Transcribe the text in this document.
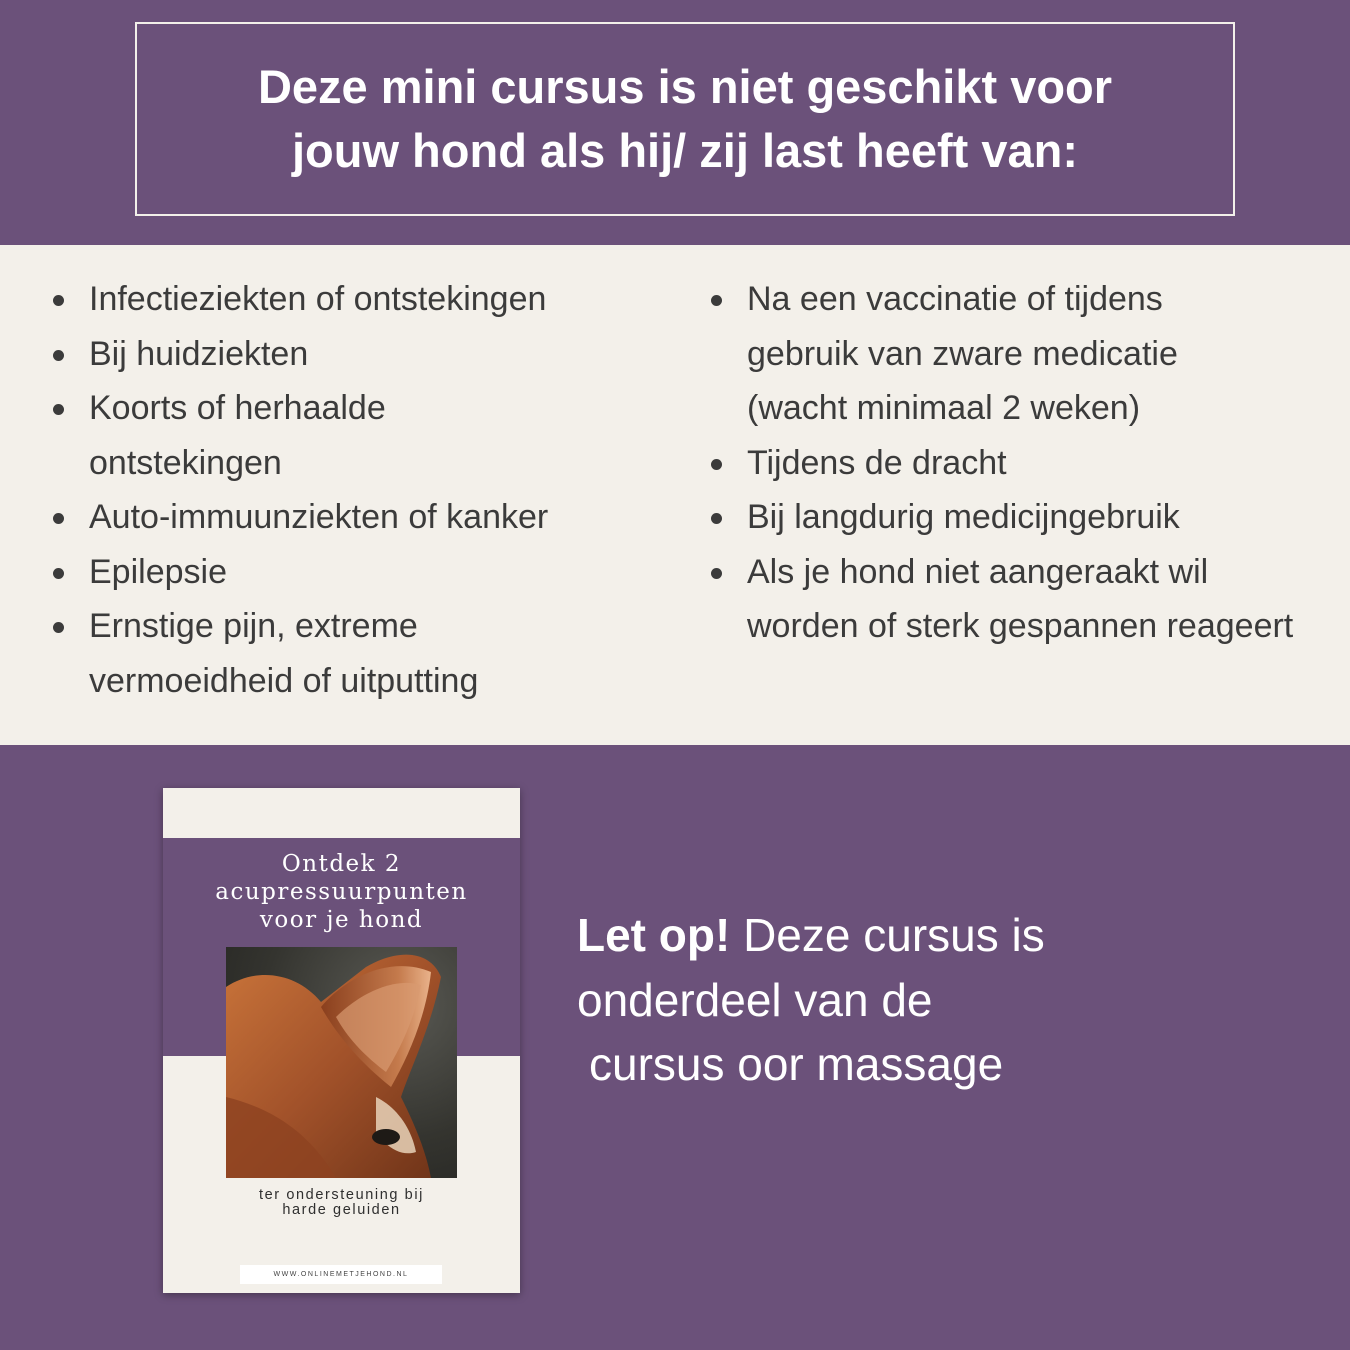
Deze mini cursus is niet geschikt voor
jouw hond als hij/ zij last heeft van:
Infectieziekten of ontstekingen
Bij huidziekten
Koorts of herhaalde ontstekingen
Auto-immuunziekten of kanker
Epilepsie
Ernstige pijn, extreme vermoeidheid of uitputting
Na een vaccinatie of tijdens gebruik van zware medicatie (wacht minimaal 2 weken)
Tijdens de dracht
Bij langdurig medicijngebruik
Als je hond niet aangeraakt wil worden of sterk gespannen reageert
Ontdek 2
acupressuurpunten
voor je hond
ter ondersteuning bij
harde geluiden
WWW.ONLINEMETJEHOND.NL
Let op! Deze cursus is
onderdeel van de
cursus oor massage
